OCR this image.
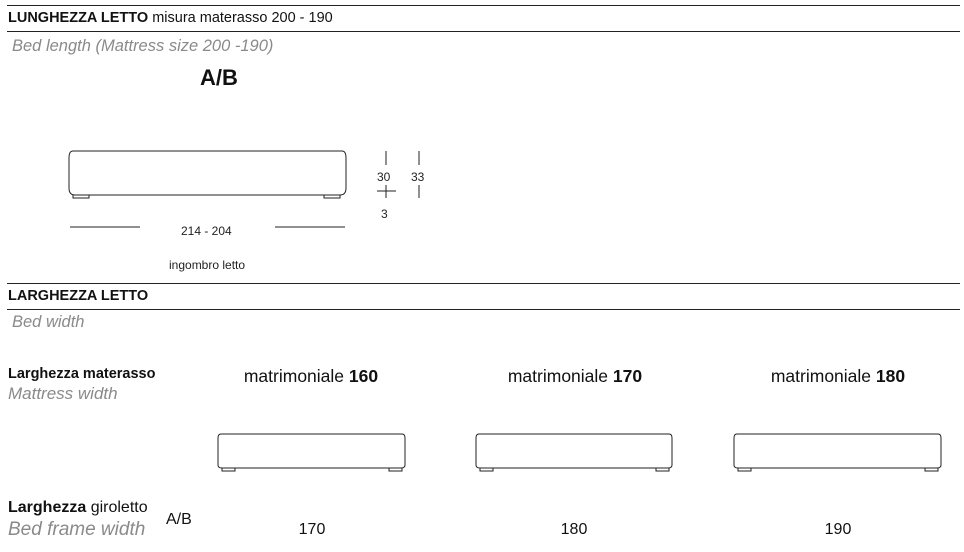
LUNGHEZZA LETTO misura materasso 200 - 190
Bed length (Mattress size 200 -190)
A/B
214 - 204
ingombro letto
30 33
3
LARGHEZZA LETTO
Bed width
Larghezza materasso
Mattress width
matrimoniale 160	matrimoniale 170	matrimoniale 180
Larghezza giroletto
Bed frame width A/B
170	180	190
